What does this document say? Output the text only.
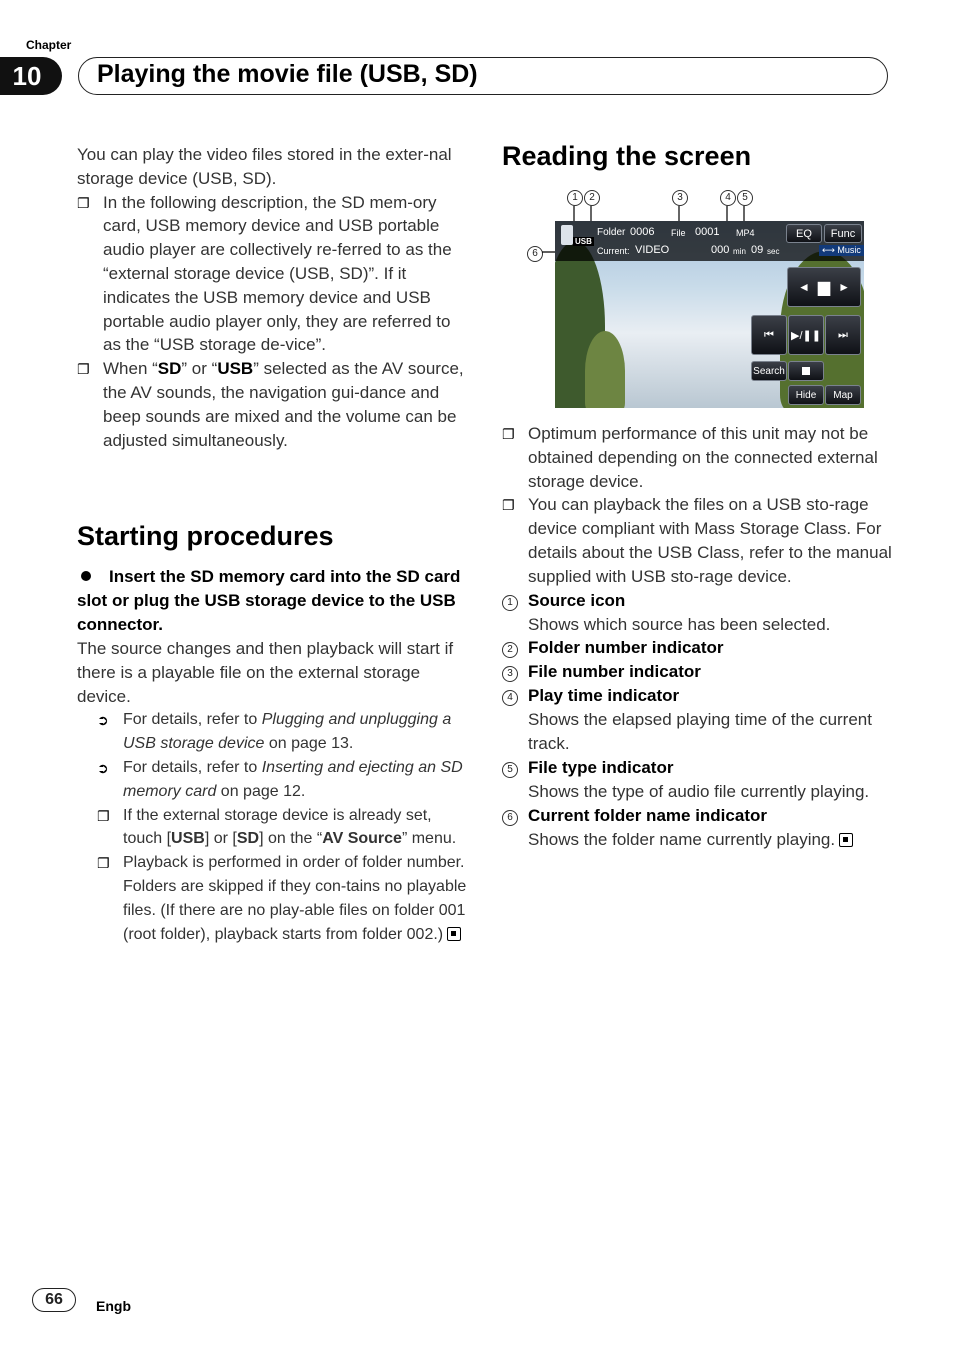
Chapter
10	Playing the movie file (USB, SD)
You can play the video files stored in the exter-nal storage device (USB, SD).
❐ In the following description, the SD mem-ory card, USB memory device and USB portable audio player are collectively re-ferred to as the “external storage device (USB, SD)”. If it indicates the USB memory device and USB portable audio player only, they are referred to as the “USB storage de-vice”.
❐ When “SD” or “USB” selected as the AV source, the AV sounds, the navigation gui-dance and beep sounds are mixed and the volume can be adjusted simultaneously.
Starting procedures
Insert the SD memory card into the SD card slot or plug the USB storage device to the USB connector.
The source changes and then playback will start if there is a playable file on the external storage device.
➲ For details, refer to Plugging and unplugging a USB storage device on page 13.
➲ For details, refer to Inserting and ejecting an SD memory card on page 12.
❐ If the external storage device is already set, touch [USB] or [SD] on the “AV Source” menu.
❐ Playback is performed in order of folder number. Folders are skipped if they con-tains no playable files. (If there are no play-able files on folder 001 (root folder), playback starts from folder 002.)
Reading the screen
1	2	3	4	5
6
USB
Folder 0006 File 0001 MP4	EQ	Func
Current: VIDEO	000 min 09 sec	⟷ Music
◄ ▆ ►
⏮ ▶/❚❚ ⏭
Search
Hide	Map
❐ Optimum performance of this unit may not be obtained depending on the connected external storage device.
❐ You can playback the files on a USB sto-rage device compliant with Mass Storage Class. For details about the USB Class, refer to the manual supplied with USB sto-rage device.
1 Source icon
Shows which source has been selected.
2 Folder number indicator
3 File number indicator
4 Play time indicator
Shows the elapsed playing time of the current track.
5 File type indicator
Shows the type of audio file currently playing.
6 Current folder name indicator
Shows the folder name currently playing.
66	Engb
